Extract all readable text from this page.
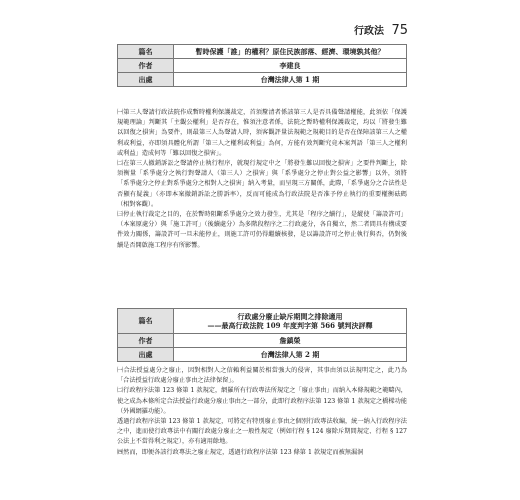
行政法 75
篇名	暫時保護「誰」的權利？原住民族部落、經濟、環境孰其他？
作者	李建良
出處	台灣法律人第 1 期

㈠第三人聲請行政法院作成暫時權利保護裁定，首須釐清者係該第三人是否具備聲請權能，此須依「保護規範理論」判斷其「主觀公權利」是否存在，惟須注意者係，法院之暫時權利保護裁定，均以「將發生難以回復之損害」為要件，則最第三人為聲請人時，須客觀評量法規範之規範目的是否在保障該第三人之權利或利益，亦即須具體化所謂「第三人之權利或利益」為何，方能有效判斷究竟本案判語「第三人之權利或利益」造成何等「難以回復之損害」。

㈡在第三人撤銷訴訟之聲請停止執行程序，就現行規定中之「將發生難以回復之損害」之要件判斷上，除須衡量「系爭處分之執行對聲請人（第三人）之損害」與「系爭處分之停止對公益之影響」以外，須將「系爭處分之停止對系爭處分之相對人之損害」納入考量，而呈現三方關係，此際，「系爭處分之合法性是否顯有疑義」（亦即本案撤銷訴訟之勝訴率），反而可能成為行政法院是否准予停止執行的重要權衡砝碼（相對客觀）。

㈢停止執行裁定之目的，在於暫時阻斷系爭處分之效力發生，尤其是「程序之續行」，是縱使「籌設許可」（本案原處分）與「施工許可」（後續處分）為多階段程序之二行政處分，各自獨立，然二者間具有構成要件效力關係，籌設許可一旦未能停止，則施工許可仍得繼續核發，是以籌設許可之停止執行與否，仍對後續是否開啟施工程序有所影響。

篇名	行政處分廢止缺斥期間之排除適用
——最高行政法院 109 年度判字第 566 號判決評釋

作者	詹鎮榮
出處	台灣法律人第 2 期

㈠合法授益處分之廢止，因對相對人之信賴利益關於相當強大的侵害，其事由須以法規明定之，此乃為「合法授益行政處分廢止事由之法律保留」。

㈡行政程序法第 123 條第 1 款規定，網羅所有行政專法所規定之「廢止事由」而納入本條規範之範疇內，使之成為本條所定合法授益行政處分廢止事由之一部分，此即行政程序法第 123 條第 1 款規定之橋樑功能（外國網羅功能）。

透過行政程序法第 123 條第 1 款規定，可將定有特別廢止事由之個別行政專法收編，統一納入行政程序法之中，進而使行政專法中有關行政處分廢止之一般性規定（例如行程 § 124 廢除斥期間規定、行程 § 127 公法上不當得利之規定），亦有適用餘地。

㈣然而，即便各該行政專法之廢止規定，透過行政程序法第 123 條第 1 款規定而被無漏洞
